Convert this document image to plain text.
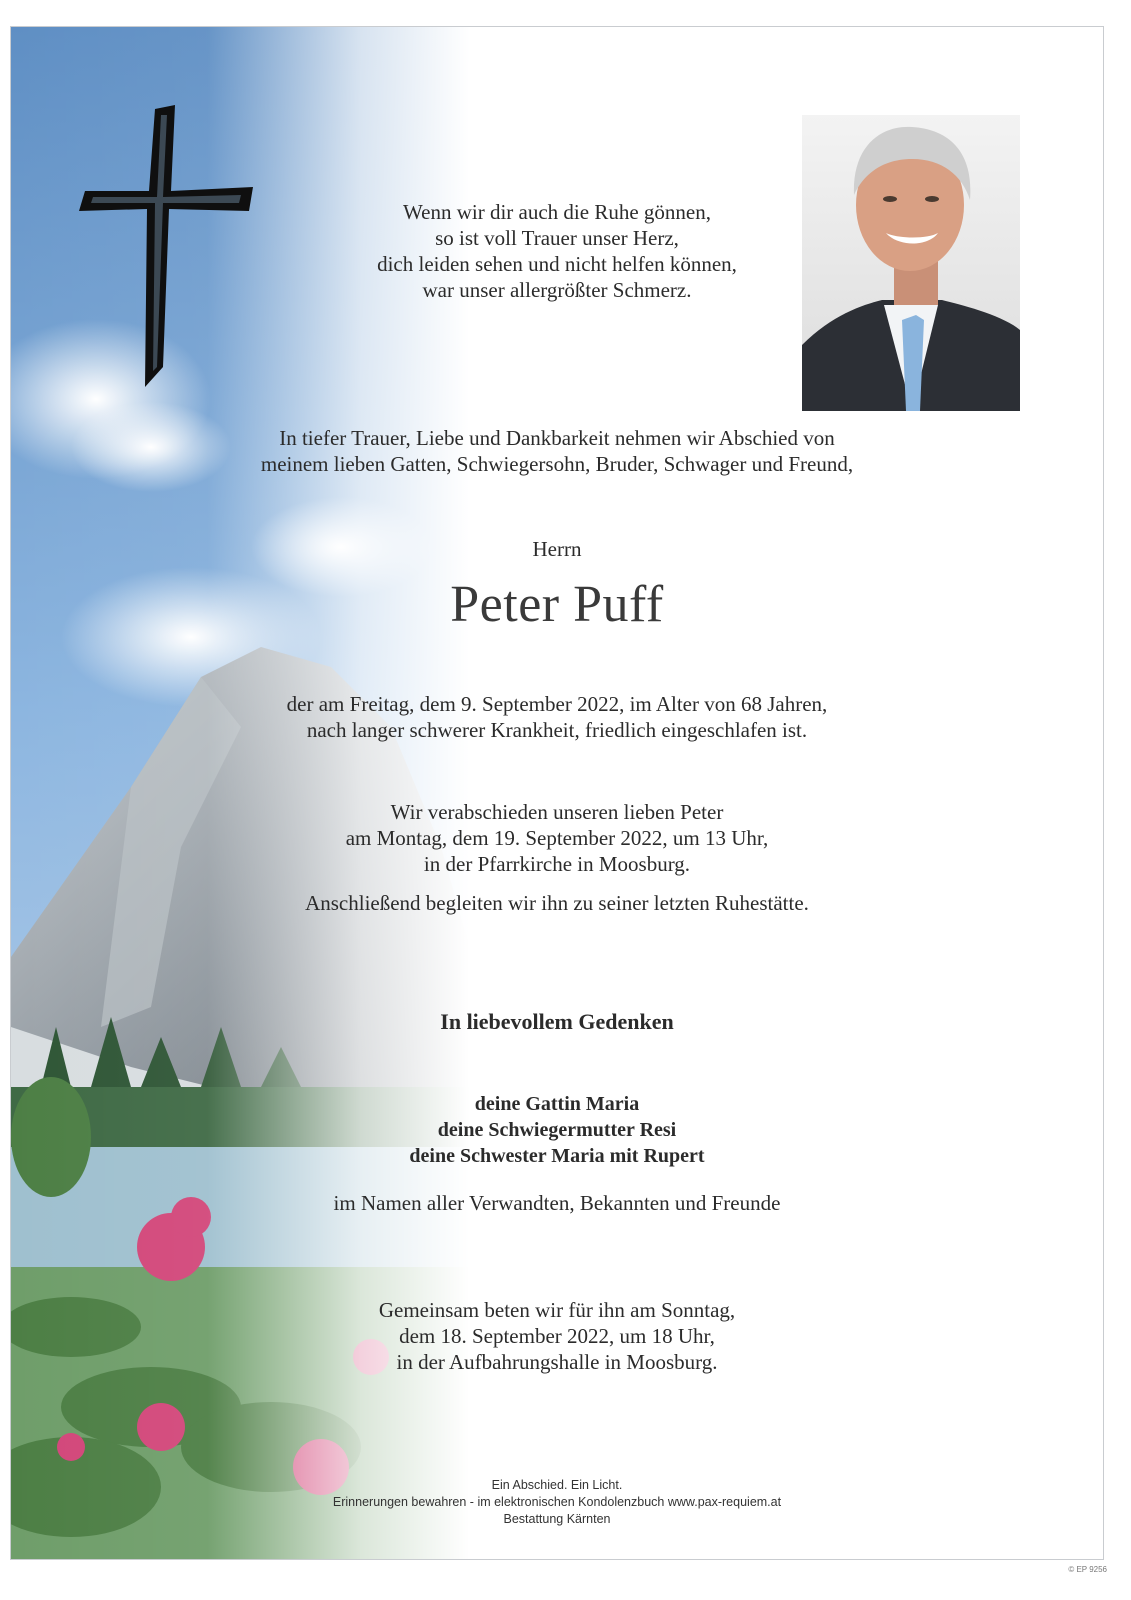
Wenn wir dir auch die Ruhe gönnen,
so ist voll Trauer unser Herz,
dich leiden sehen und nicht helfen können,
war unser allergrößter Schmerz.
In tiefer Trauer, Liebe und Dankbarkeit nehmen wir Abschied von
meinem lieben Gatten, Schwiegersohn, Bruder, Schwager und Freund,
Herrn
Peter Puff
der am Freitag, dem 9. September 2022, im Alter von 68 Jahren,
nach langer schwerer Krankheit, friedlich eingeschlafen ist.
Wir verabschieden unseren lieben Peter
am Montag, dem 19. September 2022, um 13 Uhr,
in der Pfarrkirche in Moosburg.
Anschließend begleiten wir ihn zu seiner letzten Ruhestätte.
In liebevollem Gedenken
deine Gattin Maria
deine Schwiegermutter Resi
deine Schwester Maria mit Rupert
im Namen aller Verwandten, Bekannten und Freunde
Gemeinsam beten wir für ihn am Sonntag,
dem 18. September 2022, um 18 Uhr,
in der Aufbahrungshalle in Moosburg.
Ein Abschied. Ein Licht.
Erinnerungen bewahren - im elektronischen Kondolenzbuch www.pax-requiem.at
Bestattung Kärnten
© EP 9256
